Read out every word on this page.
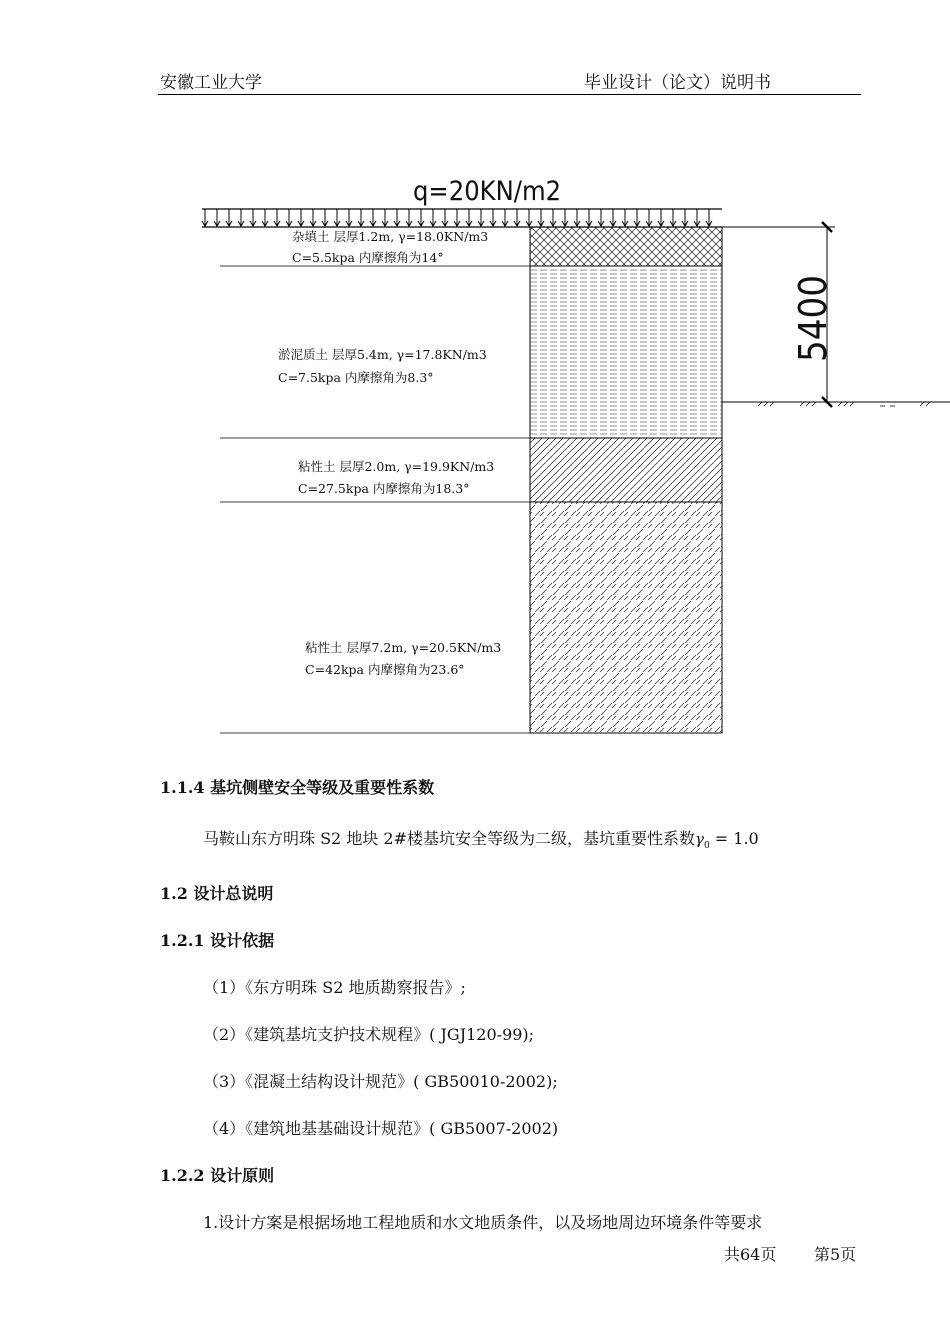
安徽工业大学	毕业设计（论文）说明书
q=20KN/m2
杂填土 层厚1.2m, γ=18.0KN/m3
C=5.5kpa 内摩擦角为14°
淤泥质土 层厚5.4m, γ=17.8KN/m3
C=7.5kpa 内摩擦角为8.3°
粘性土 层厚2.0m, γ=19.9KN/m3
C=27.5kpa 内摩擦角为18.3°
粘性土 层厚7.2m, γ=20.5KN/m3
C=42kpa 内摩擦角为23.6°
5400
1.1.4 基坑侧壁安全等级及重要性系数
马鞍山东方明珠 S2 地块 2#楼基坑安全等级为二级，基坑重要性系数$\gamma_0 = 1.0$
1.2 设计总说明
1.2.1 设计依据
（1）《东方明珠 S2 地质勘察报告》;
（2）《建筑基坑支护技术规程》( JGJ120-99);
（3）《混凝土结构设计规范》( GB50010-2002);
（4）《建筑地基基础设计规范》( GB5007-2002)
1.2.2 设计原则
1.设计方案是根据场地工程地质和水文地质条件，以及场地周边环境条件等要求
共64页 第5页
